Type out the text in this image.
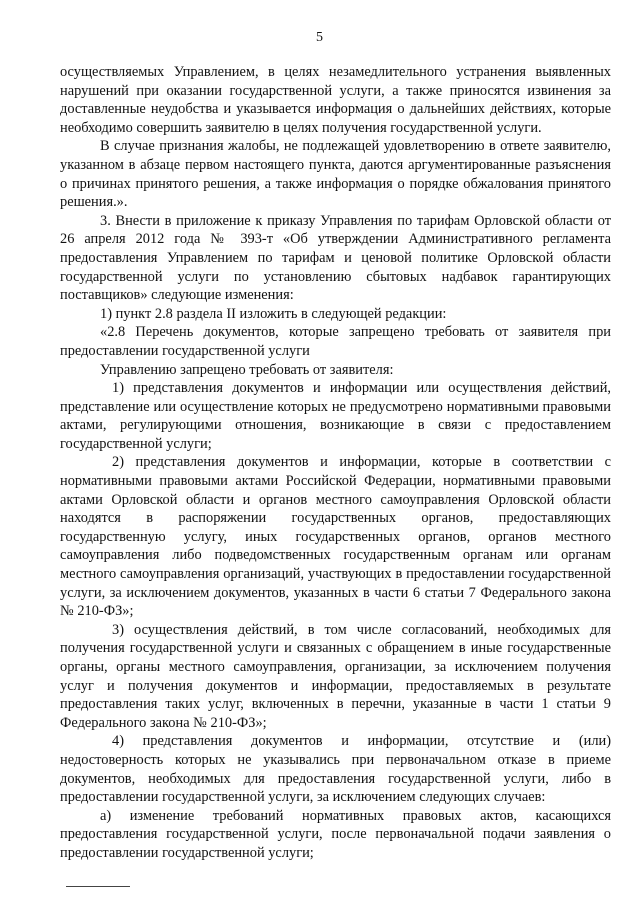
5

осуществляемых Управлением, в целях незамедлительного устранения выявленных нарушений при оказании государственной услуги, а также приносятся извинения за доставленные неудобства и указывается информация о дальнейших действиях, которые необходимо совершить заявителю в целях получения государственной услуги.

В случае признания жалобы, не подлежащей удовлетворению в ответе заявителю, указанном в абзаце первом настоящего пункта, даются аргументированные разъяснения о причинах принятого решения, а также информация о порядке обжалования принятого решения.».

3. Внести в приложение к приказу Управления по тарифам Орловской области от 26 апреля 2012 года № 393-т «Об утверждении Административного регламента предоставления Управлением по тарифам и ценовой политике Орловской области государственной услуги по установлению сбытовых надбавок гарантирующих поставщиков» следующие изменения:

1) пункт 2.8 раздела II изложить в следующей редакции:

«2.8 Перечень документов, которые запрещено требовать от заявителя при предоставлении государственной услуги

Управлению запрещено требовать от заявителя:

1) представления документов и информации или осуществления действий, представление или осуществление которых не предусмотрено нормативными правовыми актами, регулирующими отношения, возникающие в связи с предоставлением государственной услуги;

2) представления документов и информации, которые в соответствии с нормативными правовыми актами Российской Федерации, нормативными правовыми актами Орловской области и органов местного самоуправления Орловской области находятся в распоряжении государственных органов, предоставляющих государственную услугу, иных государственных органов, органов местного самоуправления либо подведомственных государственным органам или органам местного самоуправления организаций, участвующих в предоставлении государственной услуги, за исключением документов, указанных в части 6 статьи 7 Федерального закона № 210-ФЗ»;

3) осуществления действий, в том числе согласований, необходимых для получения государственной услуги и связанных с обращением в иные государственные органы, органы местного самоуправления, организации, за исключением получения услуг и получения документов и информации, предоставляемых в результате предоставления таких услуг, включенных в перечни, указанные в части 1 статьи 9 Федерального закона № 210-ФЗ»;

4) представления документов и информации, отсутствие и (или) недостоверность которых не указывались при первоначальном отказе в приеме документов, необходимых для предоставления государственной услуги, либо в предоставлении государственной услуги, за исключением следующих случаев:

а) изменение требований нормативных правовых актов, касающихся предоставления государственной услуги, после первоначальной подачи заявления о предоставлении государственной услуги;
